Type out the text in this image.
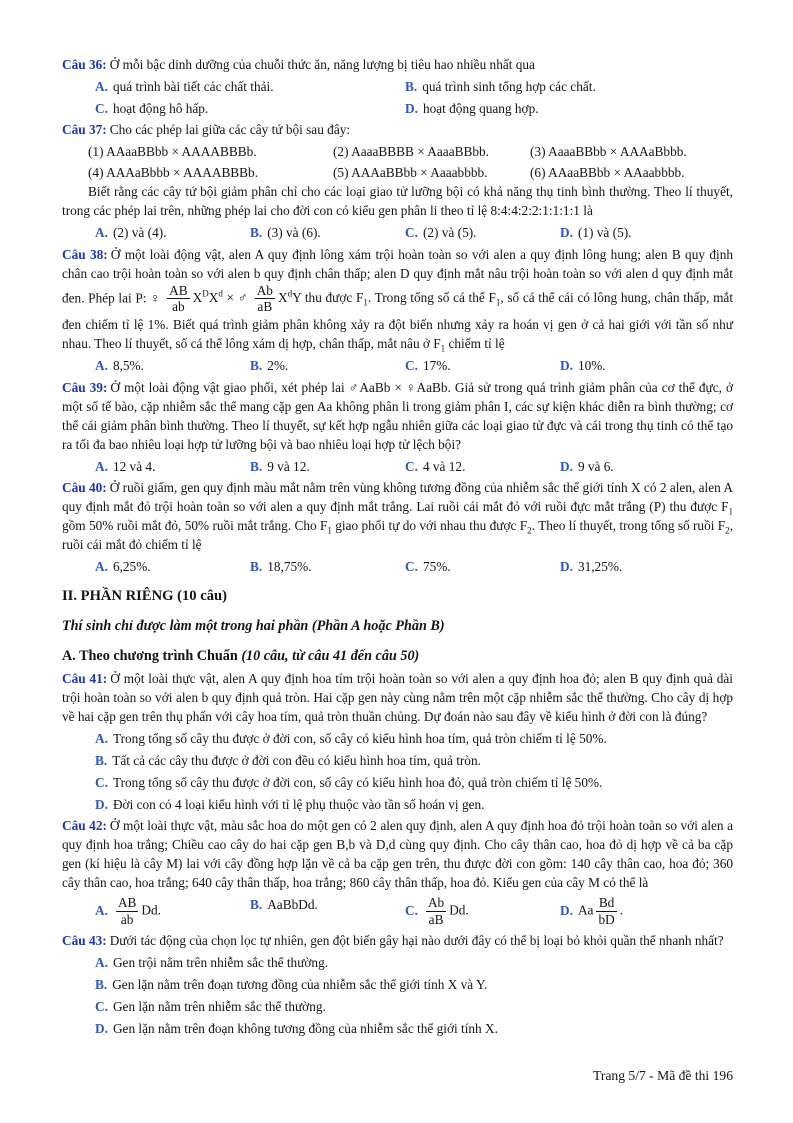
Câu 36: Ở mỗi bậc dinh dưỡng của chuỗi thức ăn, năng lượng bị tiêu hao nhiều nhất qua

A. quá trình bài tiết các chất thải.	B. quá trình sinh tổng hợp các chất.
C. hoạt động hô hấp.	D. hoạt động quang hợp.

Câu 37: Cho các phép lai giữa các cây tứ bội sau đây:

(1) AAaaBBbb × AAAABBBb.	(2) AaaaBBBB × AaaaBBbb.	(3) AaaaBBbb × AAAaBbbb.
(4) AAAaBbbb × AAAABBBb.	(5) AAAaBBbb × Aaaabbbb.	(6) AAaaBBbb × AAaabbbb.

Biết rằng các cây tứ bội giảm phân chỉ cho các loại giao tử lưỡng bội có khả năng thụ tinh bình thường. Theo lí thuyết, trong các phép lai trên, những phép lai cho đời con có kiểu gen phân li theo tỉ lệ 8:4:4:2:2:1:1:1:1 là

A. (2) và (4).	B. (3) và (6).	C. (2) và (5).	D. (1) và (5).

Câu 38: Ở một loài động vật, alen A quy định lông xám trội hoàn toàn so với alen a quy định lông hung; alen B quy định chân cao trội hoàn toàn so với alen b quy định chân thấp; alen D quy định mắt nâu trội hoàn toàn so với alen d quy định mắt đen. Phép lai P: ♀ $\frac{AB}{ab} X^DX^d$ × ♂ $\frac{Ab}{aB} X^dY$ thu được $F_1$. Trong tổng số cá thể $F_1$, số cá thể cái có lông hung, chân thấp, mắt đen chiếm tỉ lệ 1%. Biết quá trình giảm phân không xảy ra đột biến nhưng xảy ra hoán vị gen ở cả hai giới với tần số như nhau. Theo lí thuyết, số cá thể lông xám dị hợp, chân thấp, mắt nâu ở $F_1$ chiếm tỉ lệ

A. 8,5%.	B. 2%.	C. 17%.	D. 10%.

Câu 39: Ở một loài động vật giao phối, xét phép lai ♂AaBb × ♀AaBb. Giả sử trong quá trình giảm phân của cơ thể đực, ở một số tế bào, cặp nhiễm sắc thể mang cặp gen Aa không phân li trong giảm phân I, các sự kiện khác diễn ra bình thường; cơ thể cái giảm phân bình thường. Theo lí thuyết, sự kết hợp ngẫu nhiên giữa các loại giao tử đực và cái trong thụ tinh có thể tạo ra tối đa bao nhiêu loại hợp tử lưỡng bội và bao nhiêu loại hợp tử lệch bội?

A. 12 và 4.	B. 9 và 12.	C. 4 và 12.	D. 9 và 6.

Câu 40: Ở ruồi giấm, gen quy định màu mắt nằm trên vùng không tương đồng của nhiễm sắc thể giới tính X có 2 alen, alen A quy định mắt đỏ trội hoàn toàn so với alen a quy định mắt trắng. Lai ruồi cái mắt đỏ với ruồi đực mắt trắng (P) thu được $F_1$ gồm 50% ruồi mắt đỏ, 50% ruồi mắt trắng. Cho $F_1$ giao phối tự do với nhau thu được $F_2$. Theo lí thuyết, trong tổng số ruồi $F_2$, ruồi cái mắt đỏ chiếm tỉ lệ

A. 6,25%.	B. 18,75%.	C. 75%.	D. 31,25%.
II. PHẦN RIÊNG (10 câu)
Thí sinh chỉ được làm một trong hai phần (Phần A hoặc Phần B)
A. Theo chương trình Chuẩn (10 câu, từ câu 41 đến câu 50)

Câu 41: Ở một loài thực vật, alen A quy định hoa tím trội hoàn toàn so với alen a quy định hoa đỏ; alen B quy định quả dài trội hoàn toàn so với alen b quy định quả tròn. Hai cặp gen này cùng nằm trên một cặp nhiễm sắc thể thường. Cho cây dị hợp về hai cặp gen trên thụ phấn với cây hoa tím, quả tròn thuần chủng. Dự đoán nào sau đây về kiểu hình ở đời con là đúng?

A. Trong tổng số cây thu được ở đời con, số cây có kiểu hình hoa tím, quả tròn chiếm tỉ lệ 50%.
B. Tất cả các cây thu được ở đời con đều có kiểu hình hoa tím, quả tròn.
C. Trong tổng số cây thu được ở đời con, số cây có kiểu hình hoa đỏ, quả tròn chiếm tỉ lệ 50%.
D. Đời con có 4 loại kiểu hình với tỉ lệ phụ thuộc vào tần số hoán vị gen.

Câu 42: Ở một loài thực vật, màu sắc hoa do một gen có 2 alen quy định, alen A quy định hoa đỏ trội hoàn toàn so với alen a quy định hoa trắng; Chiều cao cây do hai cặp gen B,b và D,d cùng quy định. Cho cây thân cao, hoa đỏ dị hợp về cả ba cặp gen (kí hiệu là cây M) lai với cây đồng hợp lặn về cả ba cặp gen trên, thu được đời con gồm: 140 cây thân cao, hoa đỏ; 360 cây thân cao, hoa trắng; 640 cây thân thấp, hoa trắng; 860 cây thân thấp, hoa đỏ. Kiểu gen của cây M có thể là

A. $\frac{AB}{ab} Dd$.	B. AaBbDd.	C. $\frac{Ab}{aB} Dd$.	D. Aa $\frac{Bd}{bD}$ .

Câu 43: Dưới tác động của chọn lọc tự nhiên, gen đột biến gây hại nào dưới đây có thể bị loại bỏ khỏi quần thể nhanh nhất?

A. Gen trội nằm trên nhiễm sắc thể thường.
B. Gen lặn nằm trên đoạn tương đồng của nhiễm sắc thể giới tính X và Y.
C. Gen lặn nằm trên nhiễm sắc thể thường.
D. Gen lặn nằm trên đoạn không tương đồng của nhiễm sắc thể giới tính X.
Trang 5/7 - Mã đề thi 196
